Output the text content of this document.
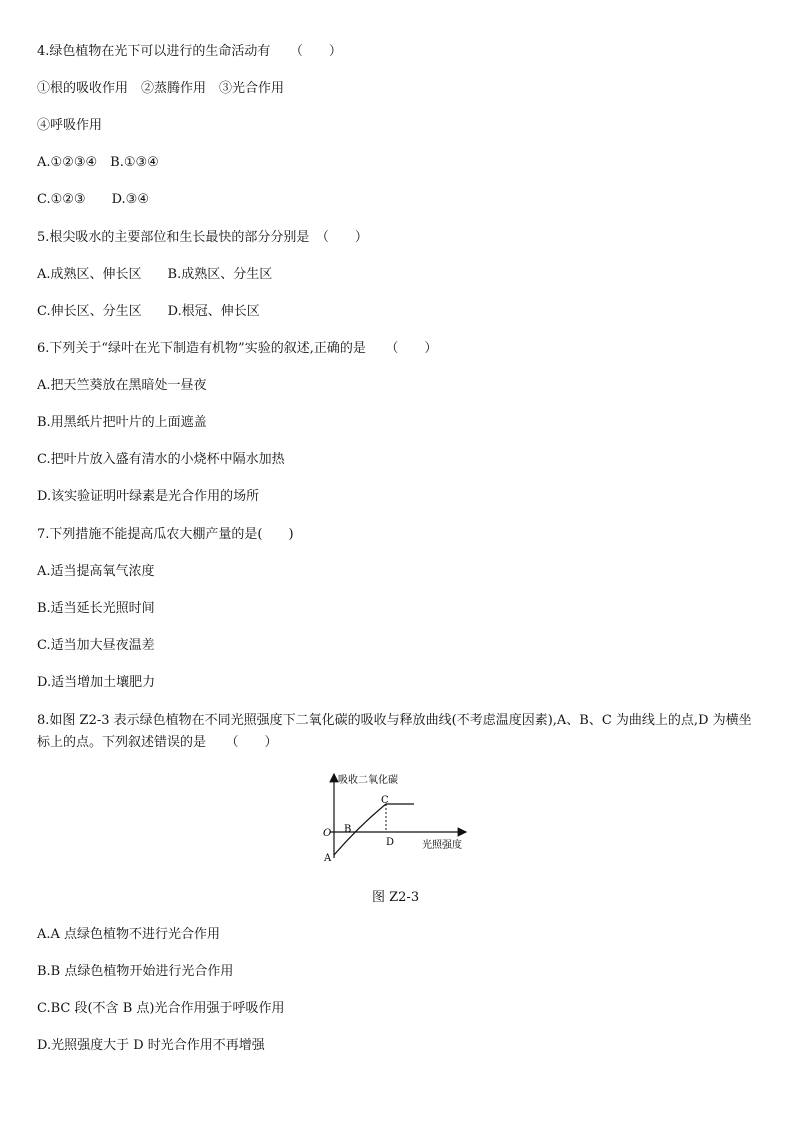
4.绿色植物在光下可以进行的生命活动有　　（　　）
①根的吸收作用　②蒸腾作用　③光合作用
④呼吸作用
A.①②③④　B.①③④
C.①②③　　D.③④
5.根尖吸水的主要部位和生长最快的部分分别是　（　　）
A.成熟区、伸长区　　B.成熟区、分生区
C.伸长区、分生区　　D.根冠、伸长区
6.下列关于“绿叶在光下制造有机物”实验的叙述,正确的是　　（　　）
A.把天竺葵放在黑暗处一昼夜
B.用黑纸片把叶片的上面遮盖
C.把叶片放入盛有清水的小烧杯中隔水加热
D.该实验证明叶绿素是光合作用的场所
7.下列措施不能提高瓜农大棚产量的是(　　)
A.适当提高氧气浓度
B.适当延长光照时间
C.适当加大昼夜温差
D.适当增加土壤肥力
8.如图 Z2-3 表示绿色植物在不同光照强度下二氧化碳的吸收与释放曲线(不考虑温度因素),A、B、C 为曲线上的点,D 为横坐标上的点。下列叙述错误的是　　（　　）
吸收二氧化碳
光照强度
O
A
B
C
D
图 Z2-3
A.A 点绿色植物不进行光合作用
B.B 点绿色植物开始进行光合作用
C.BC 段(不含 B 点)光合作用强于呼吸作用
D.光照强度大于 D 时光合作用不再增强
